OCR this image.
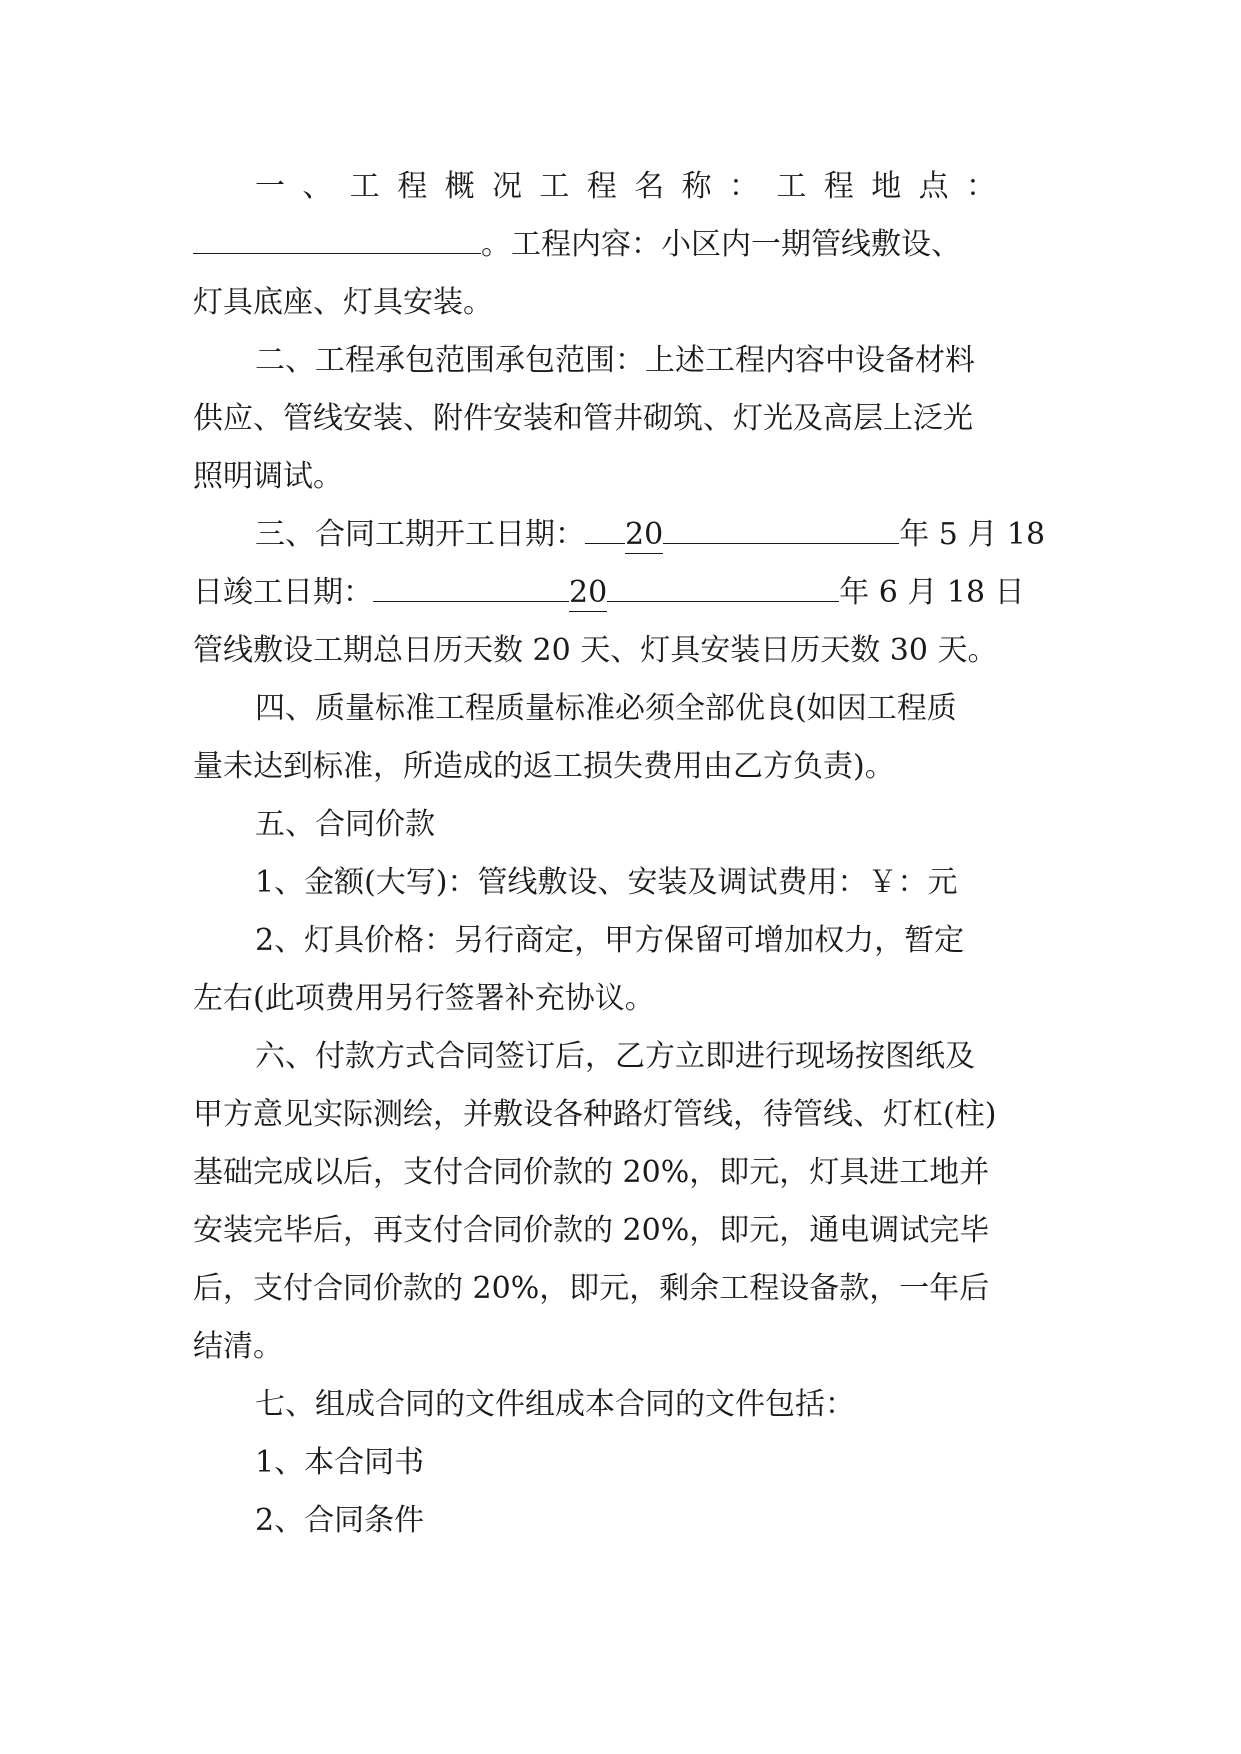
一、工程概况工程名称：工程地点：
。工程内容：小区内一期管线敷设、
灯具底座、灯具安装。
二、工程承包范围承包范围：上述工程内容中设备材料
供应、管线安装、附件安装和管井砌筑、灯光及高层上泛光
照明调试。
三、合同工期开工日期： 20	年 5 月 18
日竣工日期：	20	年 6 月 18 日
管线敷设工期总日历天数 20 天、灯具安装日历天数 30 天。
四、质量标准工程质量标准必须全部优良(如因工程质
量未达到标准，所造成的返工损失费用由乙方负责)。
五、合同价款
1、金额(大写)：管线敷设、安装及调试费用：￥：元
2、灯具价格：另行商定，甲方保留可增加权力，暂定
左右(此项费用另行签署补充协议。
六、付款方式合同签订后，乙方立即进行现场按图纸及
甲方意见实际测绘，并敷设各种路灯管线，待管线、灯杠(柱)
基础完成以后，支付合同价款的 20%，即元，灯具进工地并
安装完毕后，再支付合同价款的 20%，即元，通电调试完毕
后，支付合同价款的 20%，即元，剩余工程设备款，一年后
结清。
七、组成合同的文件组成本合同的文件包括：
1、本合同书
2、合同条件
